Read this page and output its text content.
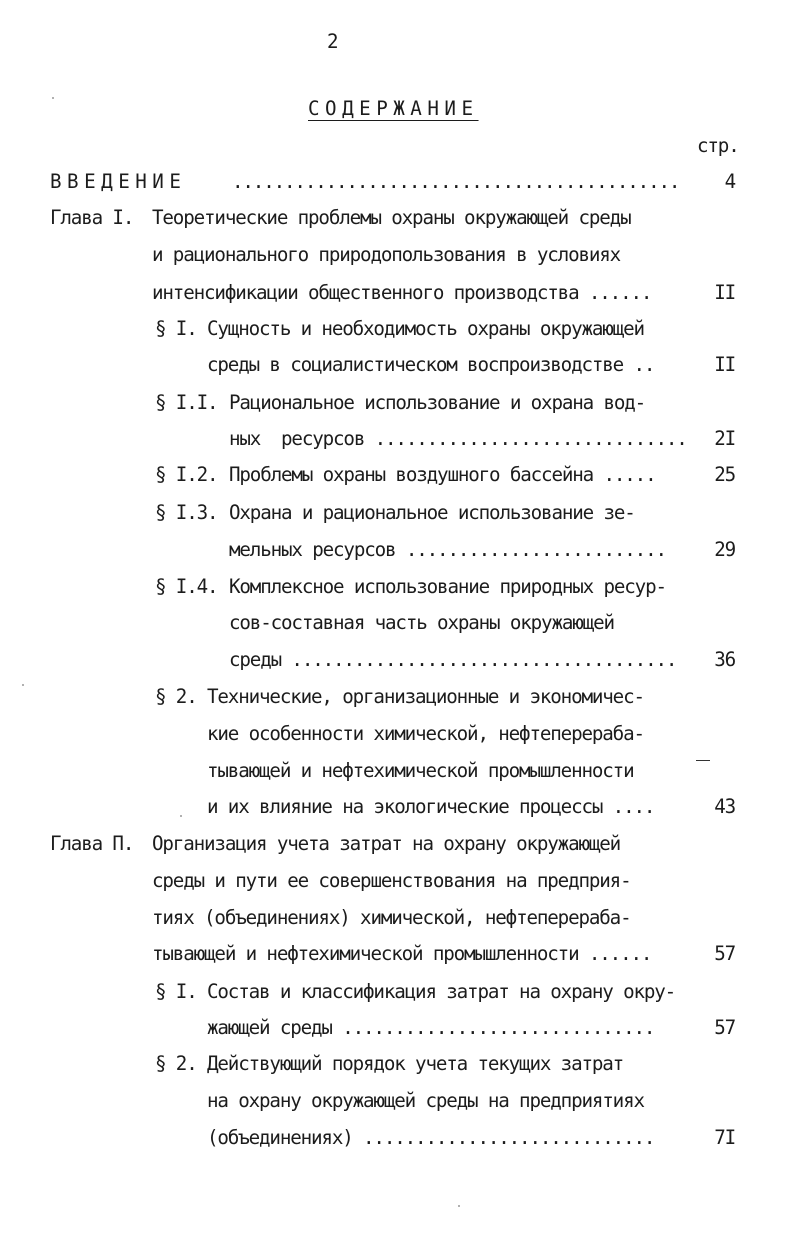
2
СОДЕРЖАНИЕ
стр.
ВВЕДЕНИЕ ........................................... 4
Глава I. Теоретические проблемы охраны окружающей среды
и рационального природопользования в условиях
интенсификации общественного производства ......	II
§ I. Сущность и необходимость охраны окружающей
среды в социалистическом воспроизводстве ..	II
§ I.I. Рациональное использование и охрана вод-
ных  ресурсов .............................. 2I
§ I.2. Проблемы охраны воздушного бассейна .....	25
§ I.3. Охрана и рациональное использование зе-
мельных ресурсов .........................	29
§ I.4. Комплексное использование природных ресур-
сов-составная часть охраны окружающей
среды ..................................... 36
§ 2. Технические, организационные и экономичес-
кие особенности химической, нефтеперераба-
тывающей и нефтехимической промышленности
и их влияние на экологические процессы ....	43
Глава П. Организация учета затрат на охрану окружающей
среды и пути ее совершенствования на предприя-
тиях (объединениях) химической, нефтеперераба-
тывающей и нефтехимической промышленности ......	57
§ I. Состав и классификация затрат на охрану окру-
жающей среды ..............................	57
§ 2. Действующий порядок учета текущих затрат
на охрану окружающей среды на предприятиях
(объединениях) ............................	7I
